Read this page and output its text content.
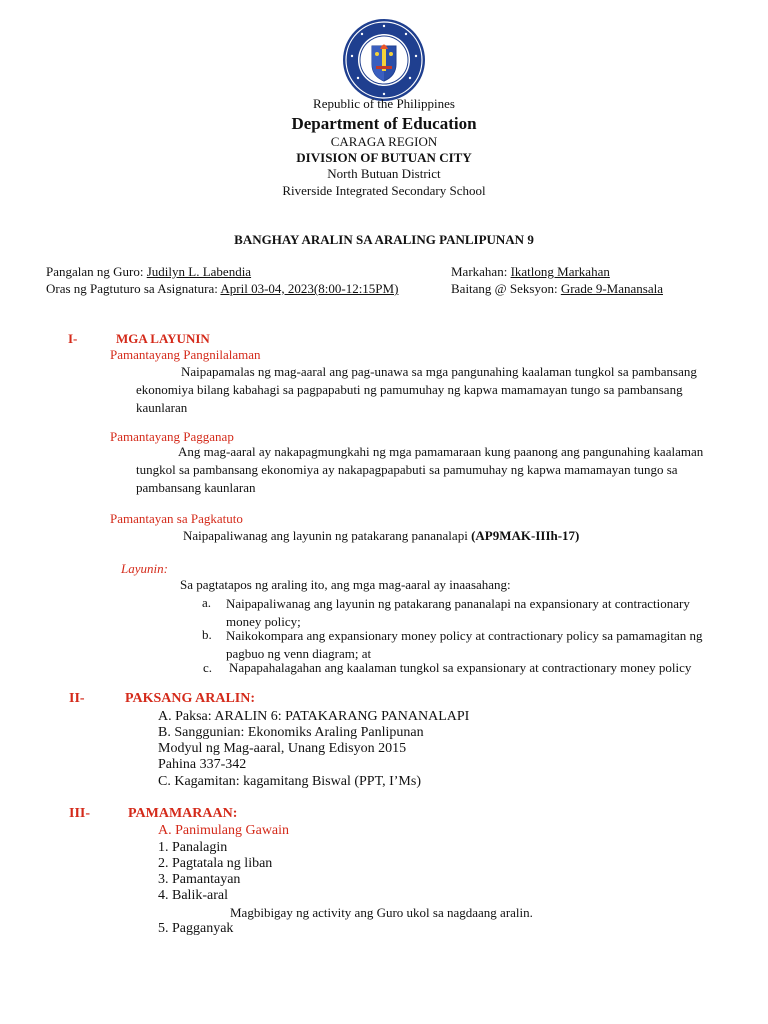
Republic of the Philippines
Department of Education
CARAGA REGION
DIVISION OF BUTUAN CITY
North Butuan District
Riverside Integrated Secondary School
BANGHAY ARALIN SA ARALING PANLIPUNAN 9
Pangalan ng Guro: Judilyn L. Labendia
Oras ng Pagtuturo sa Asignatura: April 03-04, 2023(8:00-12:15PM)
Markahan: Ikatlong Markahan
Baitang @ Seksyon: Grade 9-Manansala
I-	MGA LAYUNIN
Pamantayang Pangnilalaman
Naipapamalas ng mag-aaral ang pag-unawa sa mga pangunahing kaalaman tungkol sa pambansang ekonomiya bilang kabahagi sa pagpapabuti ng pamumuhay ng kapwa mamamayan tungo sa pambansang kaunlaran
Pamantayang Pagganap
Ang mag-aaral ay nakapagmungkahi ng mga pamamaraan kung paanong ang pangunahing kaalaman tungkol sa pambansang ekonomiya ay nakapagpapabuti sa pamumuhay ng kapwa mamamayan tungo sa pambansang kaunlaran
Pamantayan sa Pagkatuto
Naipapaliwanag ang layunin ng patakarang pananalapi (AP9MAK-IIIh-17)
Layunin:
Sa pagtatapos ng araling ito, ang mga mag-aaral ay inaasahang:
a. Naipapaliwanag ang layunin ng patakarang pananalapi na expansionary at contractionary money policy;
b. Naikokompara ang expansionary money policy at contractionary policy sa pamamagitan ng pagbuo ng venn diagram; at
c. Napapahalagahan ang kaalaman tungkol sa expansionary at contractionary money policy
II-	PAKSANG ARALIN:
A. Paksa: ARALIN 6: PATAKARANG PANANALAPI
B. Sanggunian: Ekonomiks Araling Panlipunan
Modyul ng Mag-aaral, Unang Edisyon 2015
Pahina 337-342
C. Kagamitan: kagamitang Biswal (PPT, I’Ms)
III-	PAMAMARAAN:
A. Panimulang Gawain
1. Panalagin
2. Pagtatala ng liban
3. Pamantayan
4. Balik-aral
Magbibigay ng activity ang Guro ukol sa nagdaang aralin.
5. Pagganyak
